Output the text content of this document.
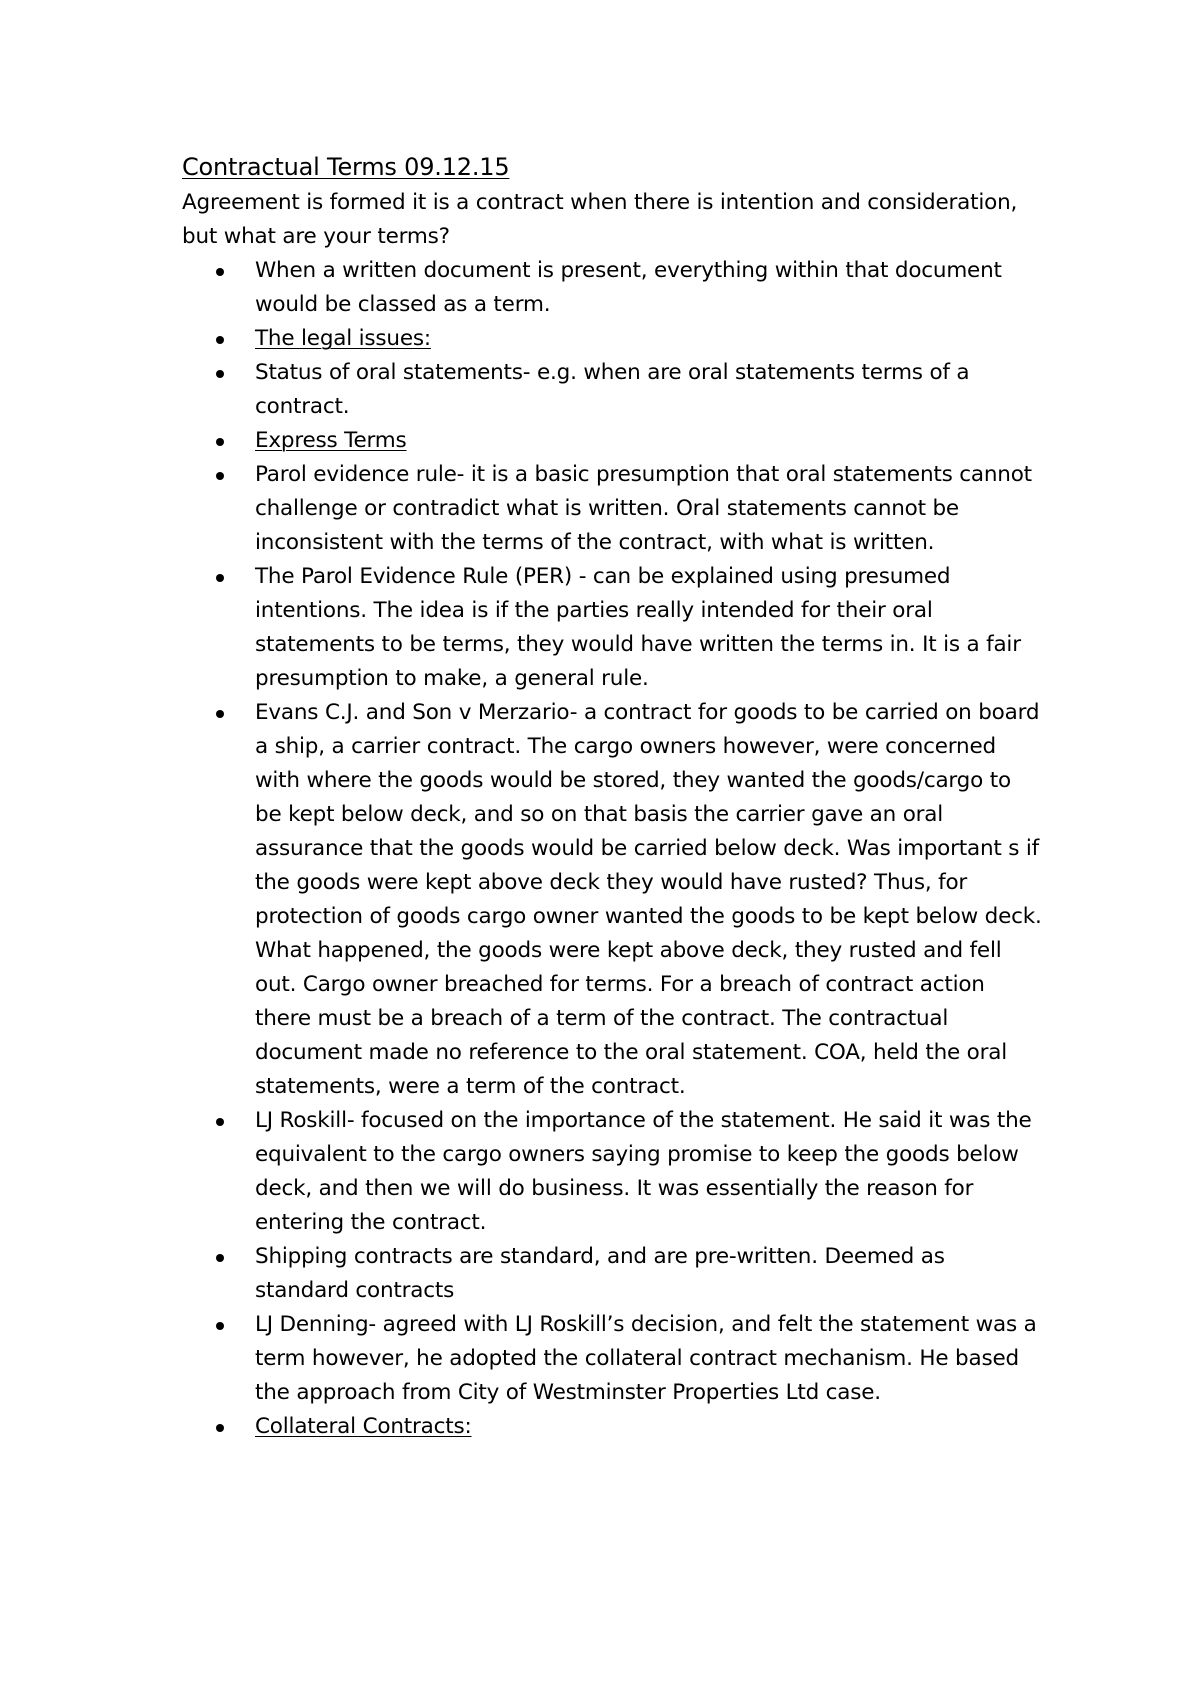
Contractual Terms 09.12.15

Agreement is formed it is a contract when there is intention and consideration, but what are your terms?

When a written document is present, everything within that document would be classed as a term.
The legal issues:
Status of oral statements- e.g. when are oral statements terms of a contract.
Express Terms
Parol evidence rule- it is a basic presumption that oral statements cannot challenge or contradict what is written. Oral statements cannot be inconsistent with the terms of the contract, with what is written.
The Parol Evidence Rule (PER) - can be explained using presumed intentions. The idea is if the parties really intended for their oral statements to be terms, they would have written the terms in. It is a fair presumption to make, a general rule.
Evans C.J. and Son v Merzario- a contract for goods to be carried on board a ship, a carrier contract. The cargo owners however, were concerned with where the goods would be stored, they wanted the goods/cargo to be kept below deck, and so on that basis the carrier gave an oral assurance that the goods would be carried below deck. Was important s if the goods were kept above deck they would have rusted? Thus, for protection of goods cargo owner wanted the goods to be kept below deck. What happened, the goods were kept above deck, they rusted and fell out. Cargo owner breached for terms. For a breach of contract action there must be a breach of a term of the contract. The contractual document made no reference to the oral statement. COA, held the oral statements, were a term of the contract.
LJ Roskill- focused on the importance of the statement. He said it was the equivalent to the cargo owners saying promise to keep the goods below deck, and then we will do business. It was essentially the reason for entering the contract.
Shipping contracts are standard, and are pre-written. Deemed as standard contracts
LJ Denning- agreed with LJ Roskill’s decision, and felt the statement was a term however, he adopted the collateral contract mechanism. He based the approach from City of Westminster Properties Ltd case.
Collateral Contracts:
